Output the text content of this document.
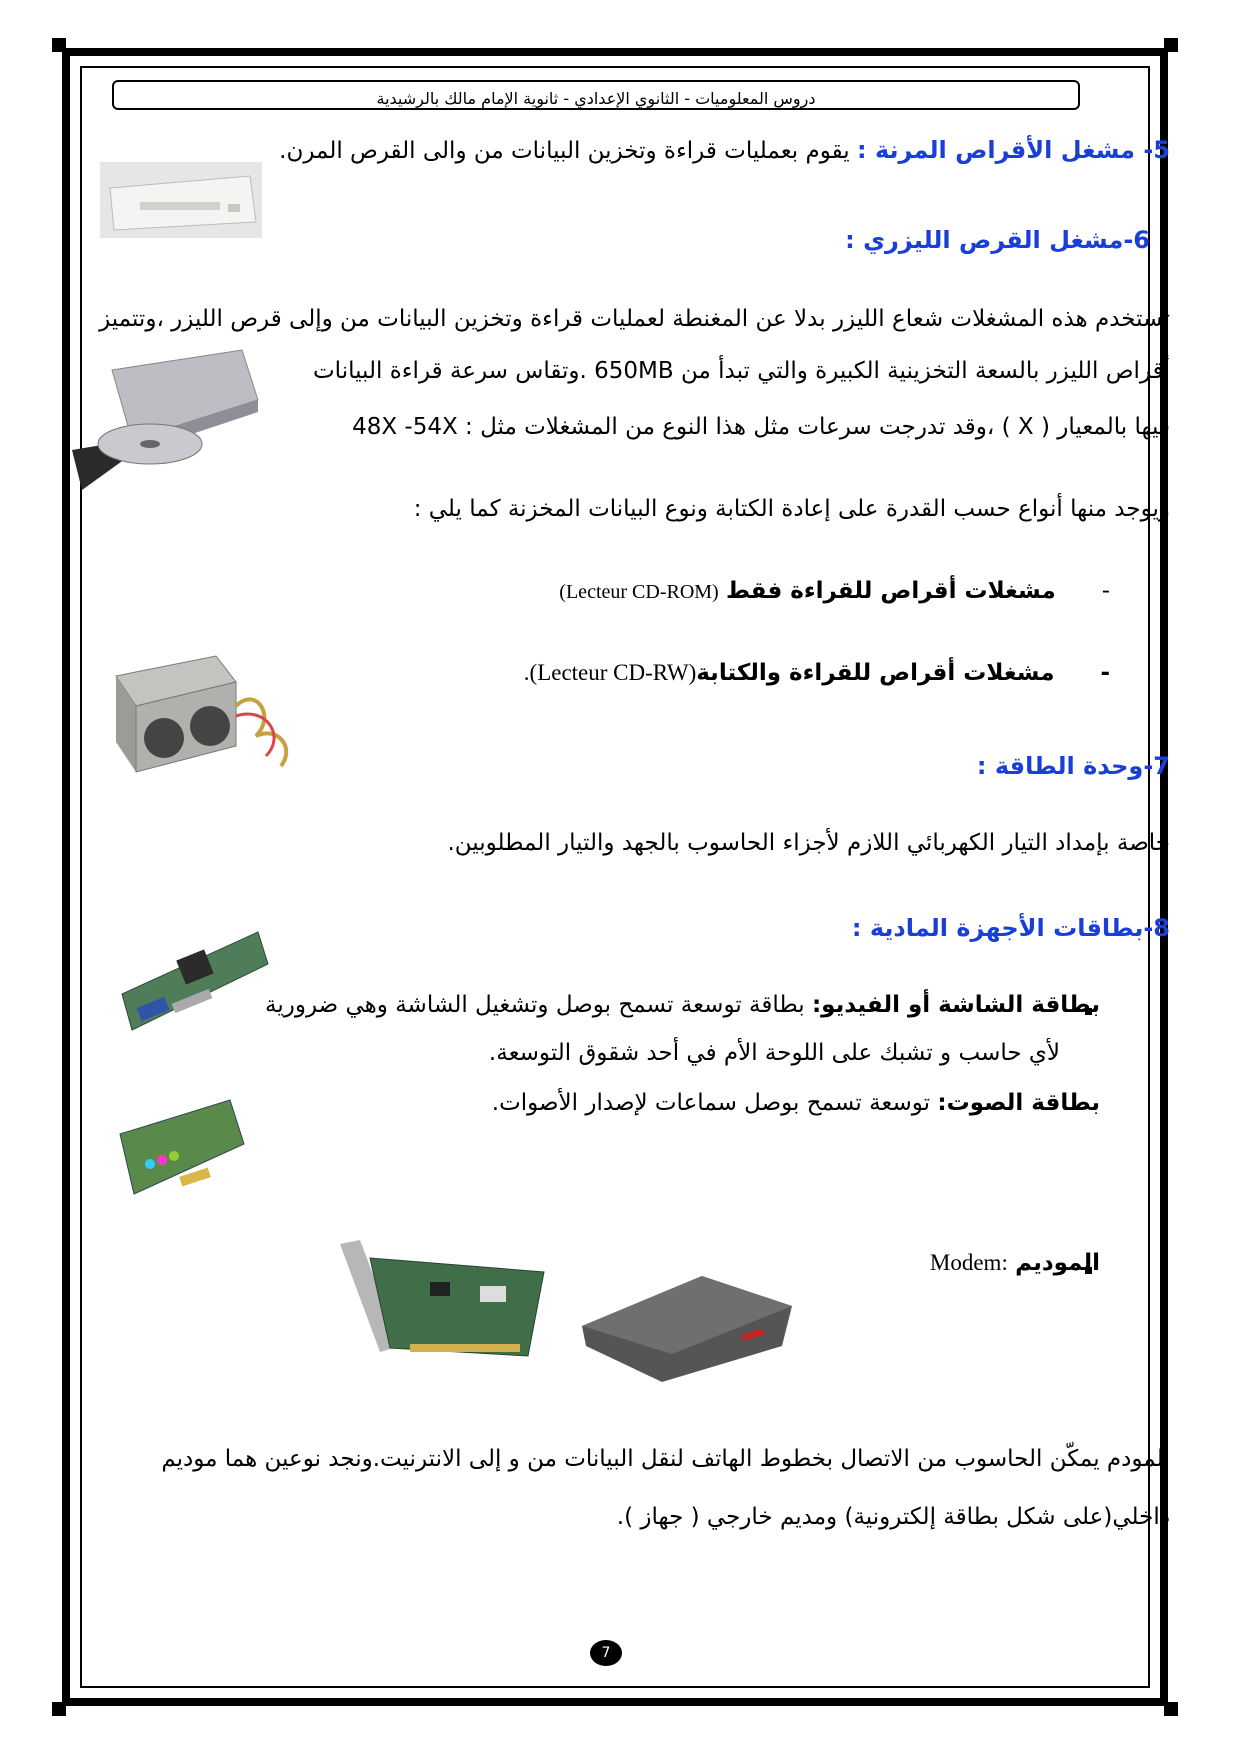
دروس المعلوميات - الثانوي الإعدادي - ثانوية الإمام مالك بالرشيدية
5- مشغل الأقراص المرنة : يقوم بعمليات قراءة وتخزين البيانات من والى القرص المرن.
6-مشغل القرص الليزري :
تستخدم هذه المشغلات شعاع الليزر بدلا عن المغنطة لعمليات قراءة وتخزين البيانات من وإلى قرص الليزر ،وتتميز
أقراص الليزر بالسعة التخزينية الكبيرة والتي تبدأ من 650MB .وتقاس سرعة قراءة البيانات
فيها بالمعيار ( X ) ،وقد تدرجت سرعات مثل هذا النوع من المشغلات مثل : 48X -54X
ويوجد منها أنواع حسب القدرة على إعادة الكتابة ونوع البيانات المخزنة كما يلي :
-مشغلات أقراص للقراءة فقط (Lecteur CD-ROM)
-مشغلات أقراص للقراءة والكتابة(Lecteur CD-RW).
7-وحدة الطاقة :
خاصة بإمداد التيار الكهربائي اللازم لأجزاء الحاسوب بالجهد والتيار المطلوبين.
8-بطاقات الأجهزة المادية :
بطاقة الشاشة أو الفيديو: بطاقة توسعة تسمح بوصل وتشغيل الشاشة وهي ضرورية
لأي حاسب و تشبك على اللوحة الأم في أحد شقوق التوسعة.
بطاقة الصوت: توسعة تسمح بوصل سماعات لإصدار الأصوات.
الموديم :Modem
المودم يمكّن الحاسوب من الاتصال بخطوط الهاتف لنقل البيانات من و إلى الانترنيت.ونجد نوعين هما موديم
داخلي(على شكل بطاقة إلكترونية) ومديم خارجي ( جهاز ).
7
